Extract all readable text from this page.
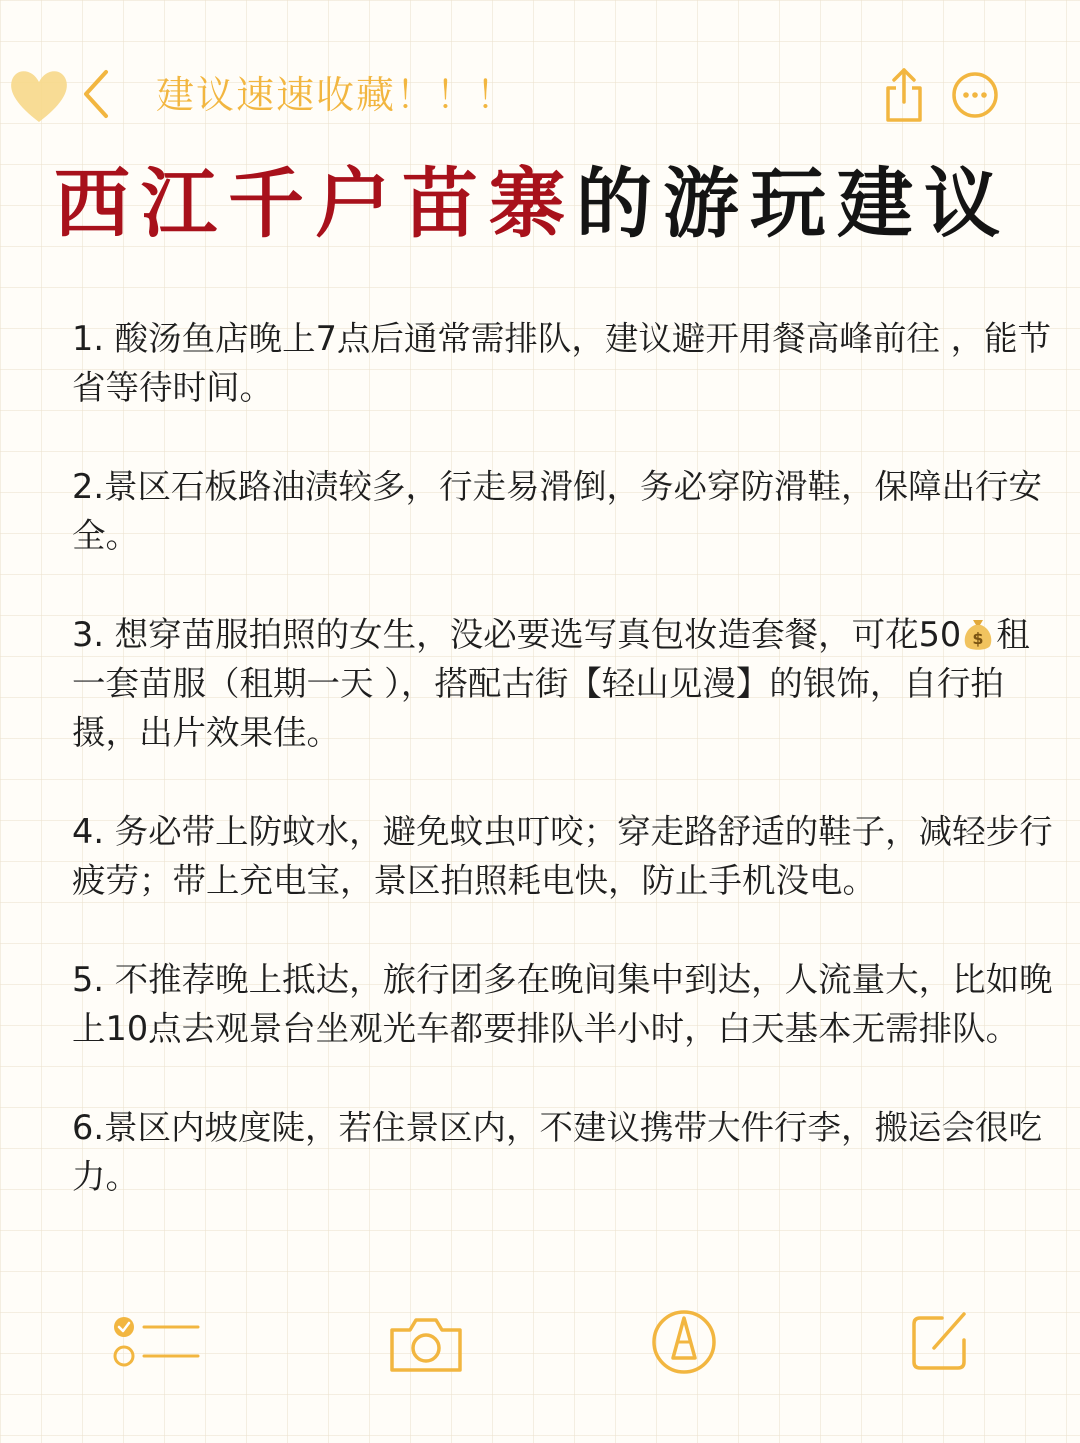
建议速速收藏！！！
西江千户苗寨的游玩建议

1. 酸汤鱼店晚上7点后通常需排队，建议避开用餐高峰前往 ，能节省等待时间。

2.景区石板路油渍较多，行走易滑倒，务必穿防滑鞋，保障出行安全。

3. 想穿苗服拍照的女生，没必要选写真包妆造套餐，可花50 $ 租一套苗服（租期一天 ），搭配古街【轻山见漫】的银饰，自行拍摄，出片效果佳。

4. 务必带上防蚊水，避免蚊虫叮咬；穿走路舒适的鞋子，减轻步行疲劳；带上充电宝，景区拍照耗电快，防止手机没电。

5. 不推荐晚上抵达，旅行团多在晚间集中到达，人流量大，比如晚上10点去观景台坐观光车都要排队半小时，白天基本无需排队。

6.景区内坡度陡，若住景区内，不建议携带大件行李，搬运会很吃力。
